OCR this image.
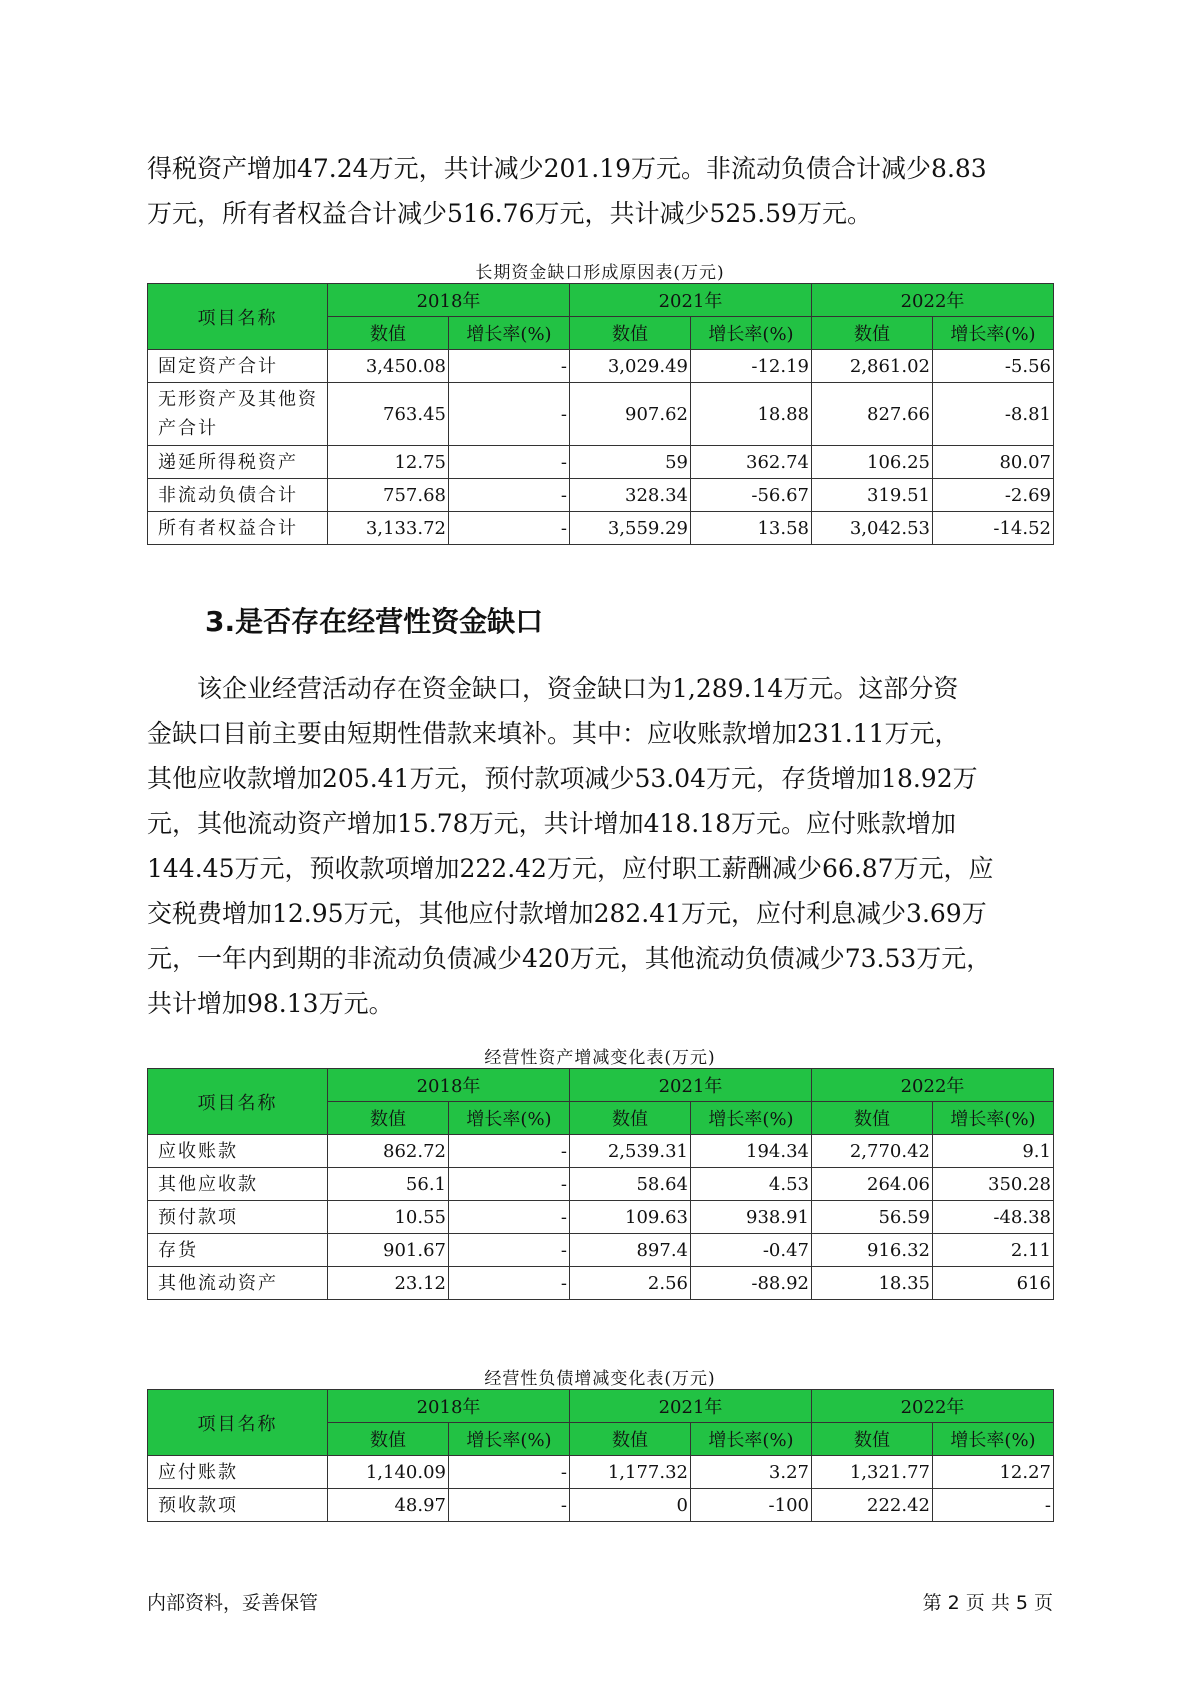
得税资产增加47.24万元，共计减少201.19万元。非流动负债合计减少8.83
万元，所有者权益合计减少516.76万元，共计减少525.59万元。

长期资金缺口形成原因表(万元)
项目名称	2018年		2021年		2022年	
	数值	增长率(%)	数值	增长率(%)	数值	增长率(%)
固定资产合计	3,450.08	-	3,029.49	-12.19	2,861.02	-5.56
无形资产及其他资产合计	763.45	-	907.62	18.88	827.66	-8.81
递延所得税资产	12.75	-	59	362.74	106.25	80.07
非流动负债合计	757.68	-	328.34	-56.67	319.51	-2.69
所有者权益合计	3,133.72	-	3,559.29	13.58	3,042.53	-14.52
3.是否存在经营性资金缺口

　　该企业经营活动存在资金缺口，资金缺口为1,289.14万元。这部分资
金缺口目前主要由短期性借款来填补。其中：应收账款增加231.11万元，
其他应收款增加205.41万元，预付款项减少53.04万元，存货增加18.92万
元，其他流动资产增加15.78万元，共计增加418.18万元。应付账款增加
144.45万元，预收款项增加222.42万元，应付职工薪酬减少66.87万元，应
交税费增加12.95万元，其他应付款增加282.41万元，应付利息减少3.69万
元，一年内到期的非流动负债减少420万元，其他流动负债减少73.53万元，
共计增加98.13万元。

经营性资产增减变化表(万元)
项目名称	2018年		2021年		2022年	
	数值	增长率(%)	数值	增长率(%)	数值	增长率(%)
应收账款	862.72	-	2,539.31	194.34	2,770.42	9.1
其他应收款	56.1	-	58.64	4.53	264.06	350.28
预付款项	10.55	-	109.63	938.91	56.59	-48.38
存货	901.67	-	897.4	-0.47	916.32	2.11
其他流动资产	23.12	-	2.56	-88.92	18.35	616
经营性负债增减变化表(万元)
项目名称	2018年		2021年		2022年	
	数值	增长率(%)	数值	增长率(%)	数值	增长率(%)
应付账款	1,140.09	-	1,177.32	3.27	1,321.77	12.27
预收款项	48.97	-	0	-100	222.42	-
内部资料，妥善保管	第 2 页 共 5 页
